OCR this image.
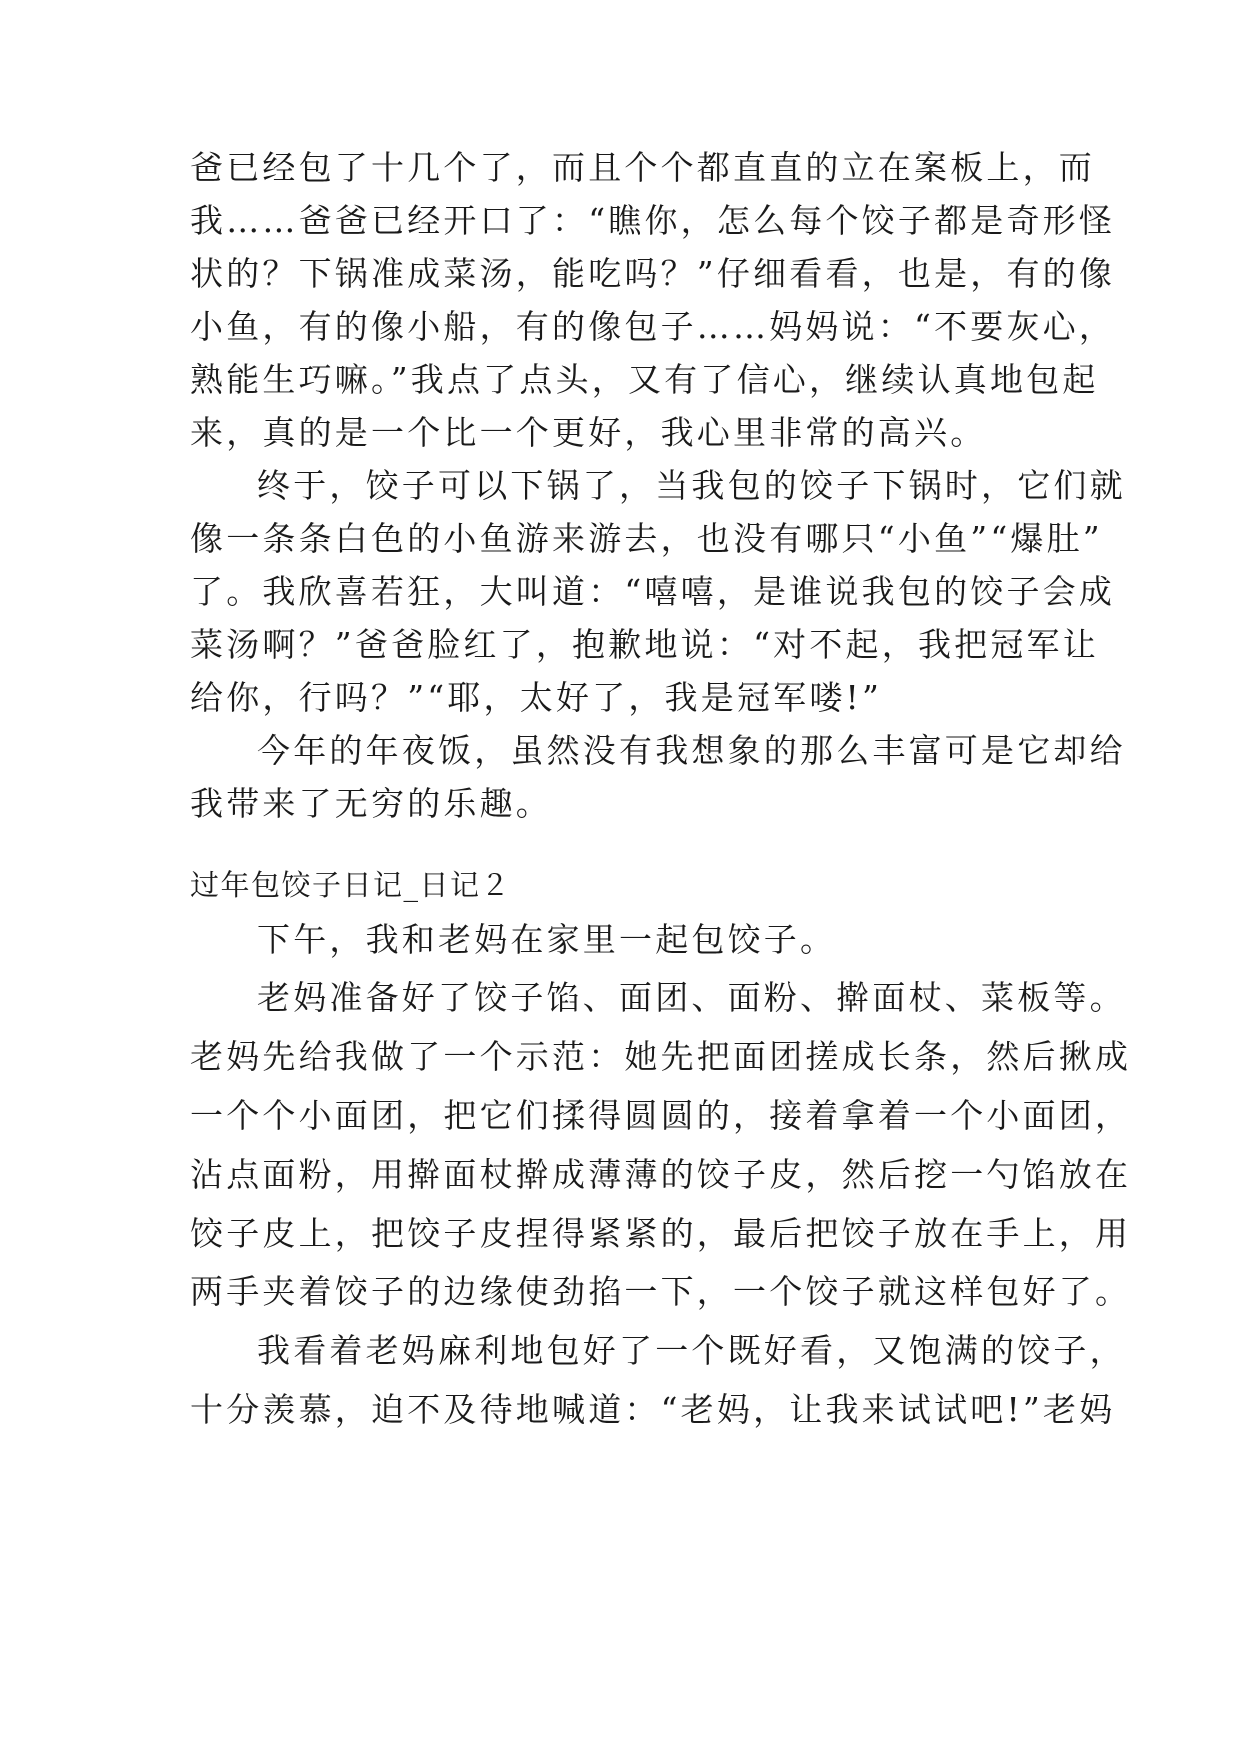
爸已经包了十几个了，而且个个都直直的立在案板上，而
我……爸爸已经开口了：“瞧你，怎么每个饺子都是奇形怪
状的？下锅准成菜汤，能吃吗？”仔细看看，也是，有的像
小鱼，有的像小船，有的像包子……妈妈说：“不要灰心，
熟能生巧嘛。”我点了点头，又有了信心，继续认真地包起
来，真的是一个比一个更好，我心里非常的高兴。
终于，饺子可以下锅了，当我包的饺子下锅时，它们就
像一条条白色的小鱼游来游去，也没有哪只“小鱼”“爆肚”
了。我欣喜若狂，大叫道：“嘻嘻，是谁说我包的饺子会成
菜汤啊？”爸爸脸红了，抱歉地说：“对不起，我把冠军让
给你，行吗？”“耶，太好了，我是冠军喽!”
今年的年夜饭，虽然没有我想象的那么丰富可是它却给
我带来了无穷的乐趣。
过年包饺子日记_日记２
下午，我和老妈在家里一起包饺子。
老妈准备好了饺子馅、面团、面粉、擀面杖、菜板等。
老妈先给我做了一个示范：她先把面团搓成长条，然后揪成
一个个小面团，把它们揉得圆圆的，接着拿着一个小面团，
沾点面粉，用擀面杖擀成薄薄的饺子皮，然后挖一勺馅放在
饺子皮上，把饺子皮捏得紧紧的，最后把饺子放在手上，用
两手夹着饺子的边缘使劲掐一下，一个饺子就这样包好了。
我看着老妈麻利地包好了一个既好看，又饱满的饺子，
十分羡慕，迫不及待地喊道：“老妈，让我来试试吧!”老妈
